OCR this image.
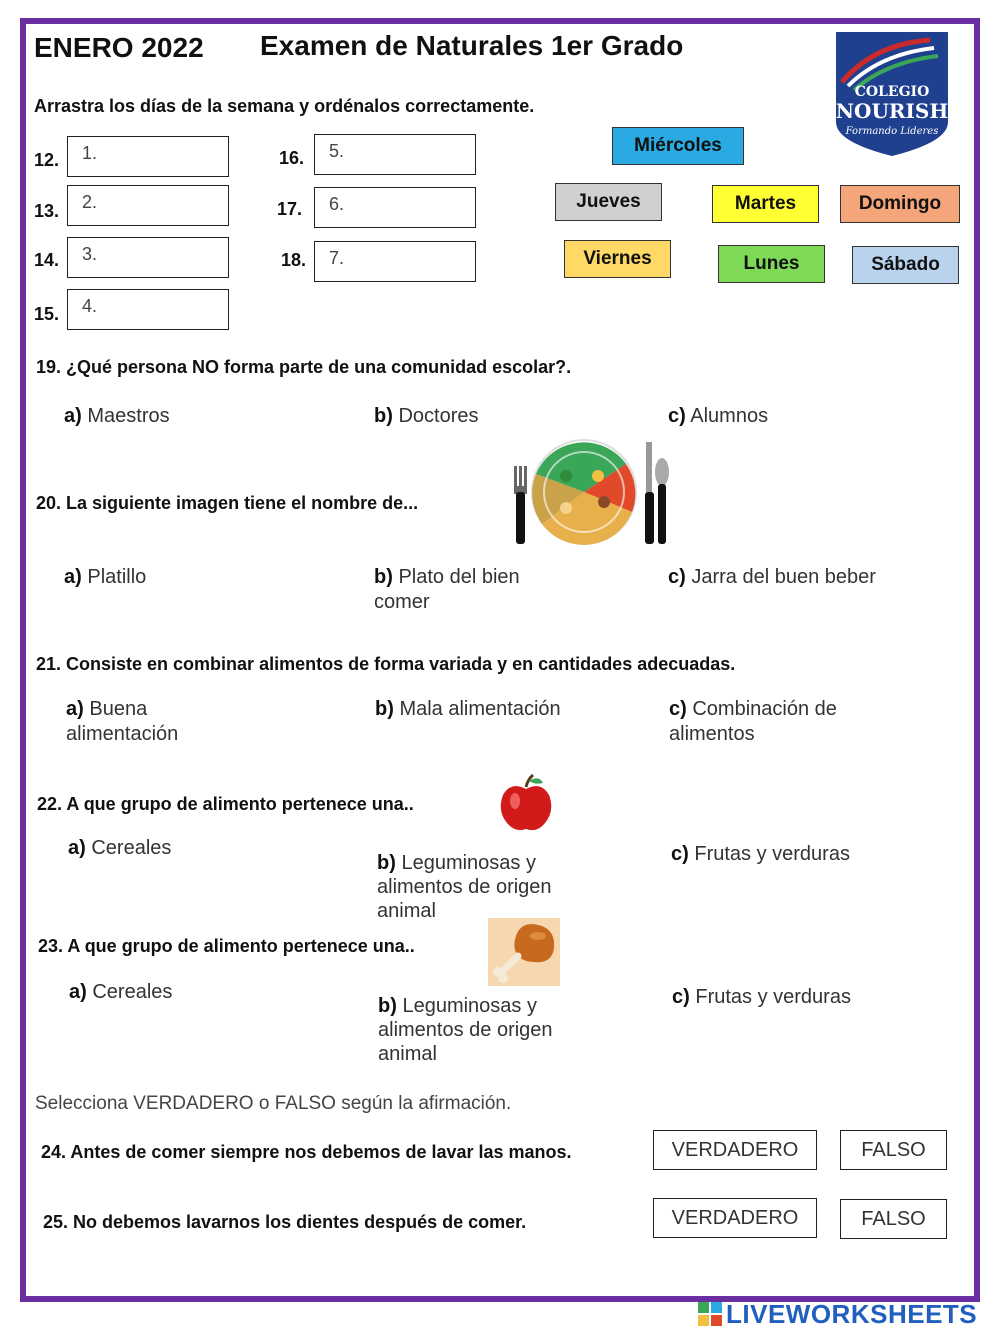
ENERO 2022 Examen de Naturales 1er Grado
COLEGIO
NOURISH
Formando Lideres
Arrastra los días de la semana y ordénalos correctamente.
12.	1.
13.	2.
14.	3.
15.	4.
16.	5.
17.	6.
18.	7.
Miércoles
Jueves	Martes	Domingo
Viernes	Lunes	Sábado
19. ¿Qué persona NO forma parte de una comunidad escolar?.
a) Maestros	b) Doctores	c) Alumnos
20. La siguiente imagen tiene el nombre de...
a) Platillo	b) Plato del bien comer
c) Jarra del buen beber
21. Consiste en combinar alimentos de forma variada y en cantidades adecuadas.
a) Buena alimentación
b) Mala alimentación	c) Combinación de alimentos
22. A que grupo de alimento pertenece una..
a) Cereales
b) Leguminosas y alimentos de origen animal
c) Frutas y verduras
23. A que grupo de alimento pertenece una..
a) Cereales
b) Leguminosas y alimentos de origen animal
c) Frutas y verduras
Selecciona VERDADERO o FALSO según la afirmación.
24. Antes de comer siempre nos debemos de lavar las manos.	VERDADERO	FALSO
25. No debemos lavarnos los dientes después de comer.	VERDADERO	FALSO
LIVEWORKSHEETS
